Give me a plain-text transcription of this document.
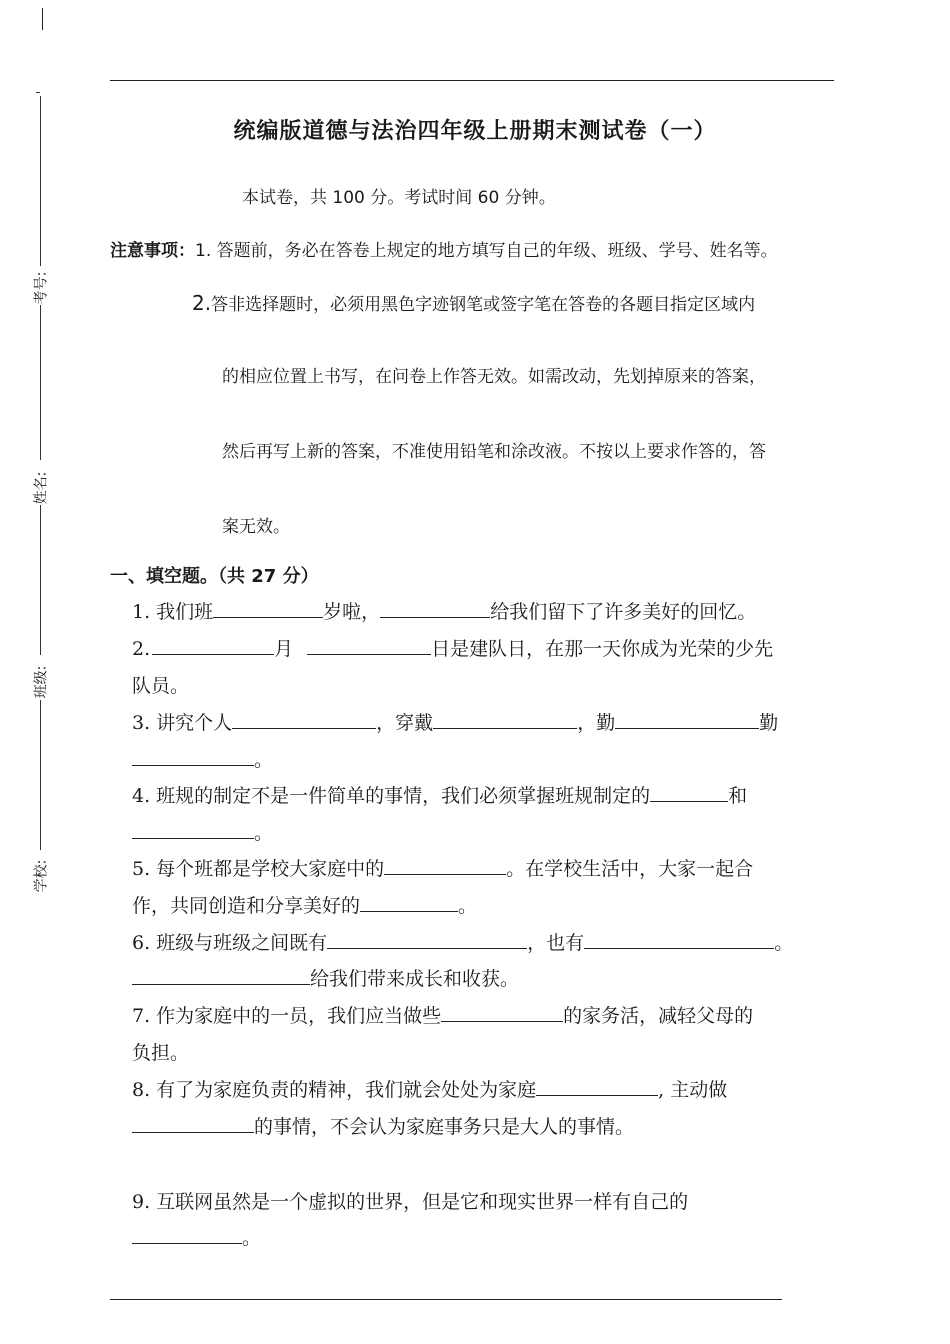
考号:
姓名:
班级:
学校:
统编版道德与法治四年级上册期末测试卷（一）
本试卷，共 100 分。考试时间 60 分钟。
注意事项：1. 答题前，务必在答卷上规定的地方填写自己的年级、班级、学号、姓名等。
2.答非选择题时，必须用黑色字迹钢笔或签字笔在答卷的各题目指定区域内
的相应位置上书写，在问卷上作答无效。如需改动，先划掉原来的答案，
然后再写上新的答案，不准使用铅笔和涂改液。不按以上要求作答的，答
案无效。
一、填空题。（共 27 分）
1. 我们班	岁啦，	给我们留下了许多美好的回忆。
2.	月	日是建队日，在那一天你成为光荣的少先
队员。
3. 讲究个人	，穿戴	，勤	勤
。
4. 班规的制定不是一件简单的事情，我们必须掌握班规制定的	和
。
5. 每个班都是学校大家庭中的	。在学校生活中，大家一起合
作，共同创造和分享美好的	。
6. 班级与班级之间既有	，也有	。
给我们带来成长和收获。
7. 作为家庭中的一员，我们应当做些	的家务活，减轻父母的
负担。
8. 有了为家庭负责的精神，我们就会处处为家庭	, 主动做
的事情，不会认为家庭事务只是大人的事情。
9. 互联网虽然是一个虚拟的世界，但是它和现实世界一样有自己的
。
